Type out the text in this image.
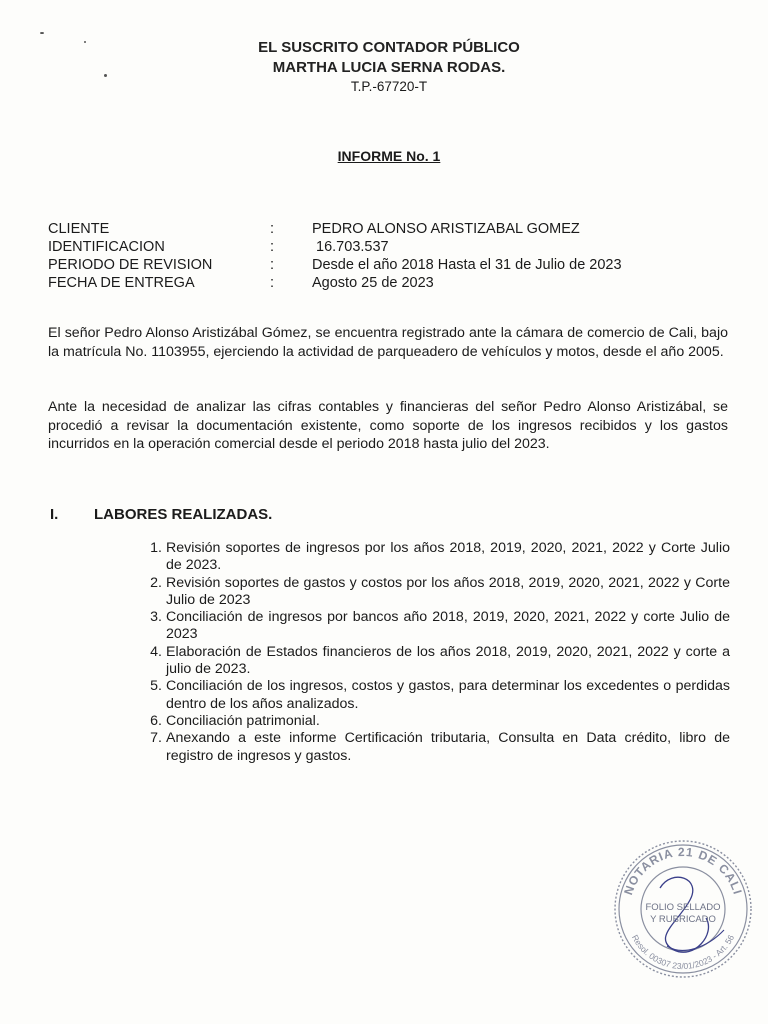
EL SUSCRITO CONTADOR PÚBLICO
MARTHA LUCIA SERNA RODAS.
T.P.-67720-T
INFORME No. 1
CLIENTE	:	PEDRO ALONSO ARISTIZABAL GOMEZ
IDENTIFICACION	:	16.703.537
PERIODO DE REVISION	:	Desde el año 2018 Hasta el 31 de Julio de 2023
FECHA DE ENTREGA	:	Agosto 25 de 2023
El señor Pedro Alonso Aristizábal Gómez, se encuentra registrado ante la cámara de comercio de Cali, bajo la matrícula No. 1103955, ejerciendo la actividad de parqueadero de vehículos y motos, desde el año 2005.
Ante la necesidad de analizar las cifras contables y financieras del señor Pedro Alonso Aristizábal, se procedió a revisar la documentación existente, como soporte de los ingresos recibidos y los gastos incurridos en la operación comercial desde el periodo 2018 hasta julio del 2023.
I.	LABORES REALIZADAS.
1. Revisión soportes de ingresos por los años 2018, 2019, 2020, 2021, 2022 y Corte Julio de 2023.
2. Revisión soportes de gastos y costos por los años 2018, 2019, 2020, 2021, 2022 y Corte Julio de 2023
3. Conciliación de ingresos por bancos año 2018, 2019, 2020, 2021, 2022 y corte Julio de 2023
4. Elaboración de Estados financieros de los años 2018, 2019, 2020, 2021, 2022 y corte a julio de 2023.
5. Conciliación de los ingresos, costos y gastos, para determinar los excedentes o perdidas dentro de los años analizados.
6. Conciliación patrimonial.
7. Anexando a este informe Certificación tributaria, Consulta en Data crédito, libro de registro de ingresos y gastos.
NOTARIA 21 DE CALI
Resol. 00307 23/01/2023 - Art. 56
FOLIO SELLADO
Y RUBRICADO
